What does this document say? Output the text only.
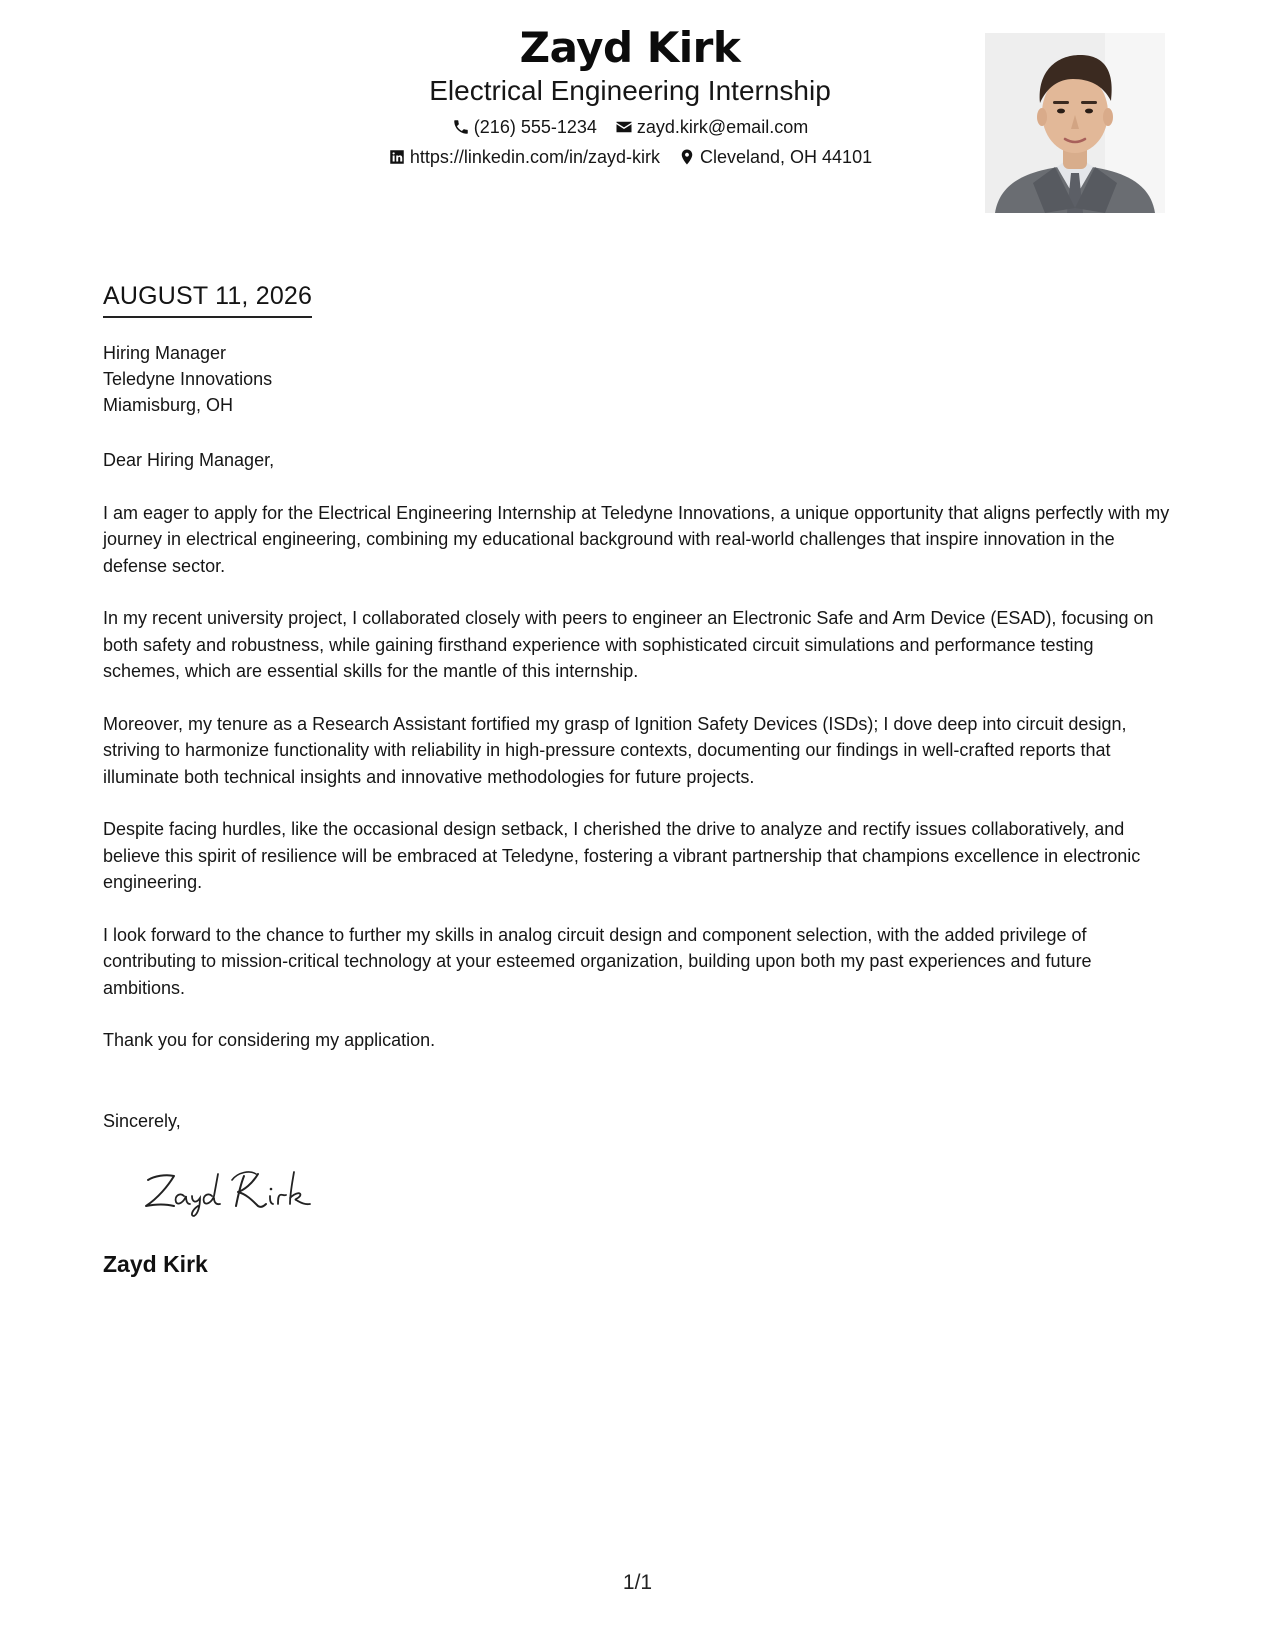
Zayd Kirk
Electrical Engineering Internship
(216) 555-1234 zayd.kirk@email.com
https://linkedin.com/in/zayd-kirk Cleveland, OH 44101
AUGUST 11, 2026
Hiring Manager
Teledyne Innovations
Miamisburg, OH

Dear Hiring Manager,

I am eager to apply for the Electrical Engineering Internship at Teledyne Innovations, a unique opportunity that aligns perfectly with my journey in electrical engineering, combining my educational background with real-world challenges that inspire innovation in the defense sector.

In my recent university project, I collaborated closely with peers to engineer an Electronic Safe and Arm Device (ESAD), focusing on both safety and robustness, while gaining firsthand experience with sophisticated circuit simulations and performance testing schemes, which are essential skills for the mantle of this internship.

Moreover, my tenure as a Research Assistant fortified my grasp of Ignition Safety Devices (ISDs); I dove deep into circuit design, striving to harmonize functionality with reliability in high-pressure contexts, documenting our findings in well-crafted reports that illuminate both technical insights and innovative methodologies for future projects.

Despite facing hurdles, like the occasional design setback, I cherished the drive to analyze and rectify issues collaboratively, and believe this spirit of resilience will be embraced at Teledyne, fostering a vibrant partnership that champions excellence in electronic engineering.

I look forward to the chance to further my skills in analog circuit design and component selection, with the added privilege of contributing to mission-critical technology at your esteemed organization, building upon both my past experiences and future ambitions.

Thank you for considering my application.

Sincerely,
Zayd Kirk
1/1
